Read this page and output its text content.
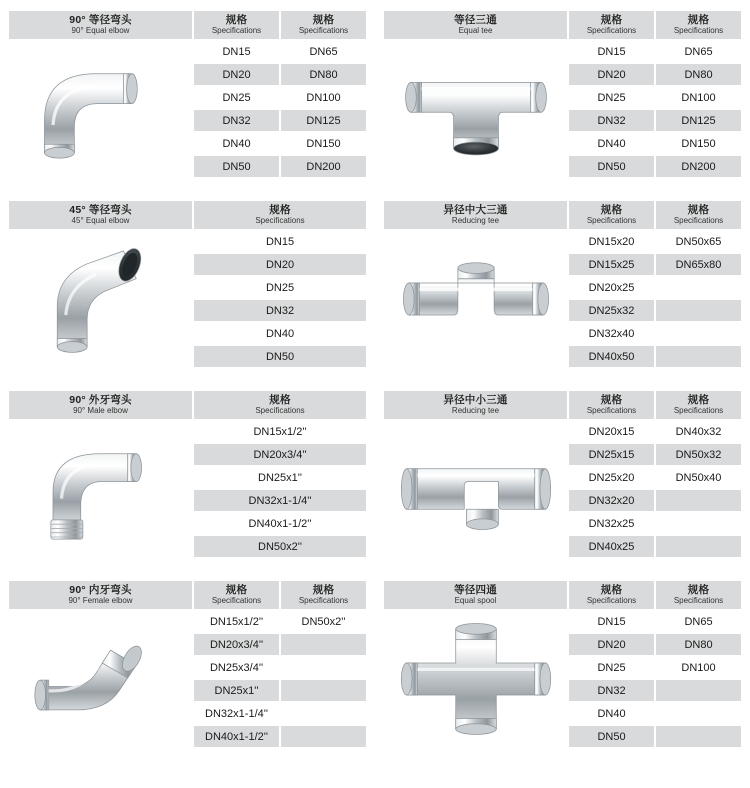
90° 等径弯头
90° Equal elbow
规格
Specifications
DN15
DN20
DN25
DN32
DN40
DN50
规格
Specifications
DN65
DN80
DN100
DN125
DN150
DN200
等径三通
Equal tee
规格
Specifications
DN15
DN20
DN25
DN32
DN40
DN50
规格
Specifications
DN65
DN80
DN100
DN125
DN150
DN200
45° 等径弯头
45° Equal elbow
规格
Specifications
DN15
DN20
DN25
DN32
DN40
DN50
异径中大三通
Reducing tee
规格
Specifications
DN15x20
DN15x25
DN20x25
DN25x32
DN32x40
DN40x50
规格
Specifications
DN50x65
DN65x80
90° 外牙弯头
90° Male elbow
规格
Specifications
DN15x1/2''
DN20x3/4''
DN25x1''
DN32x1-1/4''
DN40x1-1/2''
DN50x2''
异径中小三通
Reducing tee
规格
Specifications
DN20x15
DN25x15
DN25x20
DN32x20
DN32x25
DN40x25
规格
Specifications
DN40x32
DN50x32
DN50x40
90° 内牙弯头
90° Female elbow
规格
Specifications
DN15x1/2''
DN20x3/4''
DN25x3/4''
DN25x1''
DN32x1-1/4''
DN40x1-1/2''
规格
Specifications
DN50x2''
等径四通
Equal spool
规格
Specifications
DN15
DN20
DN25
DN32
DN40
DN50
规格
Specifications
DN65
DN80
DN100
